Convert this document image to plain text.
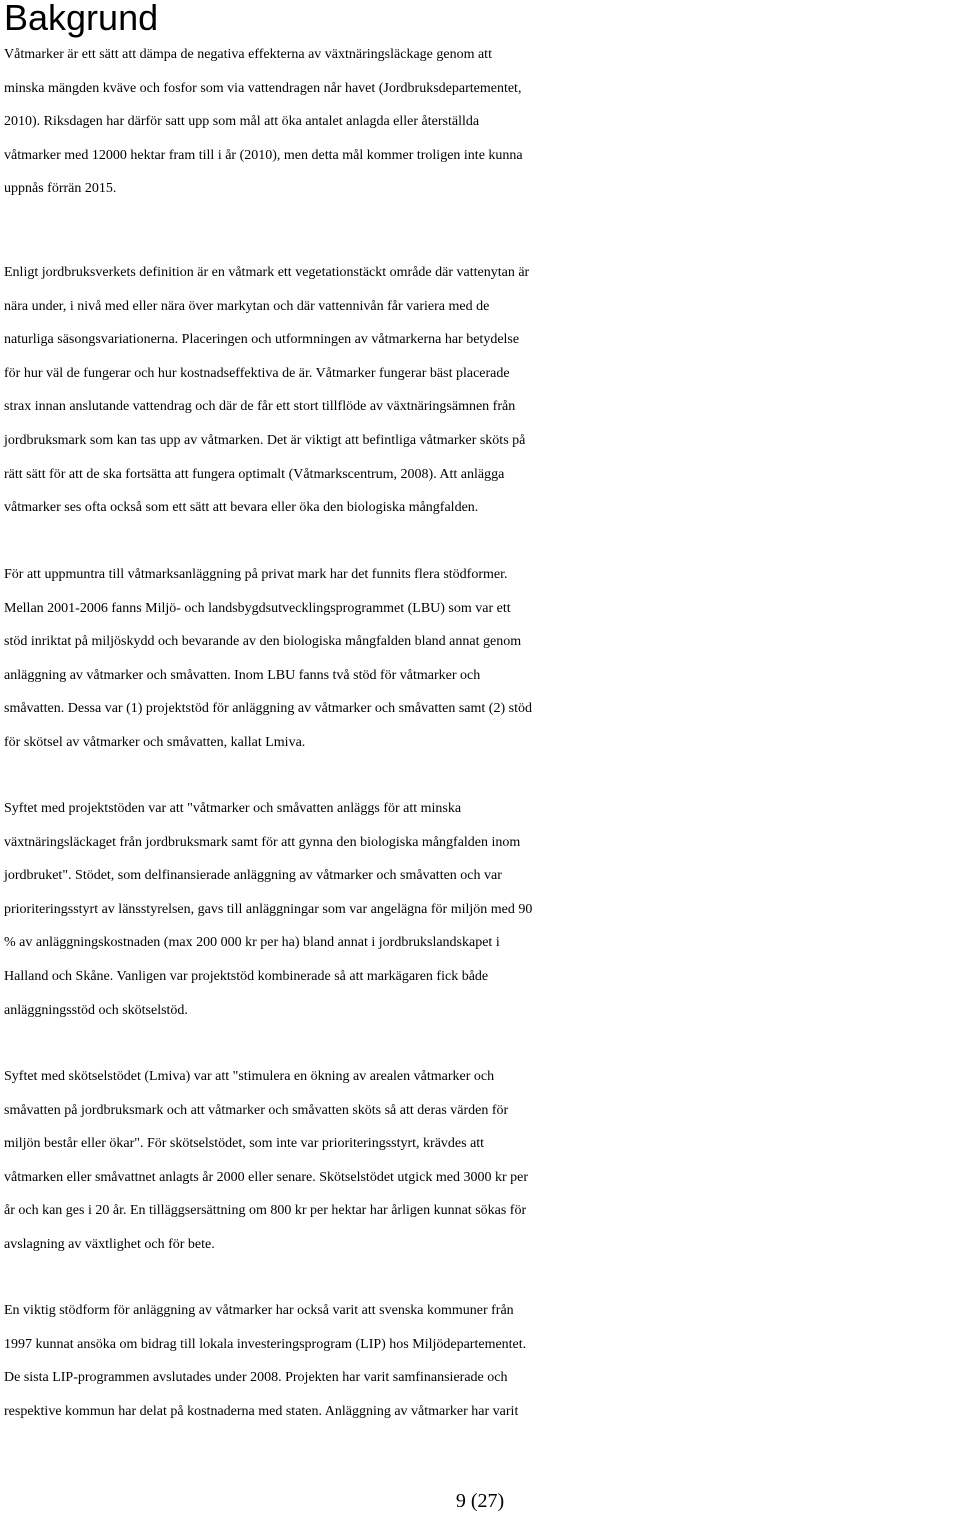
Bakgrund
Våtmarker är ett sätt att dämpa de negativa effekterna av växtnäringsläckage genom att
minska mängden kväve och fosfor som via vattendragen når havet (Jordbruksdepartementet,
2010). Riksdagen har därför satt upp som mål att öka antalet anlagda eller återställda
våtmarker med 12000 hektar fram till i år (2010), men detta mål kommer troligen inte kunna
uppnås förrän 2015.
Enligt jordbruksverkets definition är en våtmark ett vegetationstäckt område där vattenytan är
nära under, i nivå med eller nära över markytan och där vattennivån får variera med de
naturliga säsongsvariationerna. Placeringen och utformningen av våtmarkerna har betydelse
för hur väl de fungerar och hur kostnadseffektiva de är. Våtmarker fungerar bäst placerade
strax innan anslutande vattendrag och där de får ett stort tillflöde av växtnäringsämnen från
jordbruksmark som kan tas upp av våtmarken. Det är viktigt att befintliga våtmarker sköts på
rätt sätt för att de ska fortsätta att fungera optimalt (Våtmarkscentrum, 2008). Att anlägga
våtmarker ses ofta också som ett sätt att bevara eller öka den biologiska mångfalden.
För att uppmuntra till våtmarksanläggning på privat mark har det funnits flera stödformer.
Mellan 2001-2006 fanns Miljö- och landsbygdsutvecklingsprogrammet (LBU) som var ett
stöd inriktat på miljöskydd och bevarande av den biologiska mångfalden bland annat genom
anläggning av våtmarker och småvatten. Inom LBU fanns två stöd för våtmarker och
småvatten. Dessa var (1) projektstöd för anläggning av våtmarker och småvatten samt (2) stöd
för skötsel av våtmarker och småvatten, kallat Lmiva.
Syftet med projektstöden var att "våtmarker och småvatten anläggs för att minska
växtnäringsläckaget från jordbruksmark samt för att gynna den biologiska mångfalden inom
jordbruket". Stödet, som delfinansierade anläggning av våtmarker och småvatten och var
prioriteringsstyrt av länsstyrelsen, gavs till anläggningar som var angelägna för miljön med 90
% av anläggningskostnaden (max 200 000 kr per ha) bland annat i jordbrukslandskapet i
Halland och Skåne. Vanligen var projektstöd kombinerade så att markägaren fick både
anläggningsstöd och skötselstöd.
Syftet med skötselstödet (Lmiva) var att "stimulera en ökning av arealen våtmarker och
småvatten på jordbruksmark och att våtmarker och småvatten sköts så att deras värden för
miljön består eller ökar". För skötselstödet, som inte var prioriteringsstyrt, krävdes att
våtmarken eller småvattnet anlagts år 2000 eller senare. Skötselstödet utgick med 3000 kr per
år och kan ges i 20 år. En tilläggsersättning om 800 kr per hektar har årligen kunnat sökas för
avslagning av växtlighet och för bete.
En viktig stödform för anläggning av våtmarker har också varit att svenska kommuner från
1997 kunnat ansöka om bidrag till lokala investeringsprogram (LIP) hos Miljödepartementet.
De sista LIP-programmen avslutades under 2008. Projekten har varit samfinansierade och
respektive kommun har delat på kostnaderna med staten. Anläggning av våtmarker har varit
9 (27)
